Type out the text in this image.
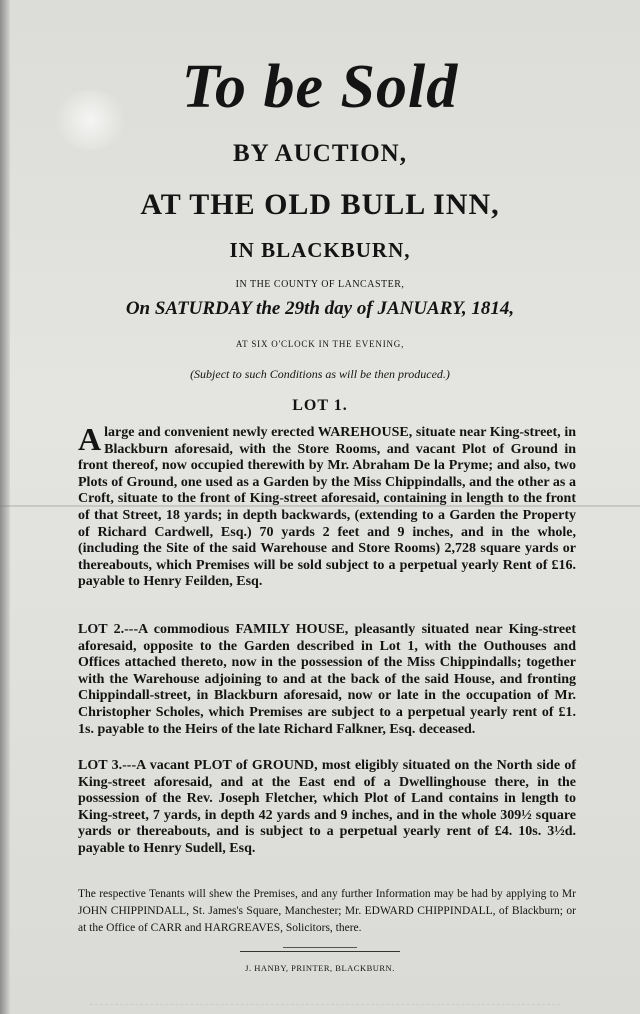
To be Sold
BY AUCTION,
AT THE OLD BULL INN,
IN BLACKBURN,
IN THE COUNTY OF LANCASTER,
On SATURDAY the 29th day of JANUARY, 1814,
AT SIX O'CLOCK IN THE EVENING,
(Subject to such Conditions as will be then produced.)
LOT 1.
A large and convenient newly erected WAREHOUSE, situate near King-street, in Blackburn aforesaid, with the Store Rooms, and vacant Plot of Ground in front thereof, now occupied therewith by Mr. Abraham De la Pryme; and also, two Plots of Ground, one used as a Garden by the Miss Chippindalls, and the other as a Croft, situate to the front of King-street aforesaid, containing in length to the front of that Street, 18 yards; in depth backwards, (extending to a Garden the Property of Richard Cardwell, Esq.) 70 yards 2 feet and 9 inches, and in the whole, (including the Site of the said Warehouse and Store Rooms) 2,728 square yards or thereabouts, which Premises will be sold subject to a perpetual yearly Rent of £16. payable to Henry Feilden, Esq.
LOT 2.---A commodious FAMILY HOUSE, pleasantly situated near King-street aforesaid, opposite to the Garden described in Lot 1, with the Outhouses and Offices attached thereto, now in the possession of the Miss Chippindalls; together with the Warehouse adjoining to and at the back of the said House, and fronting Chippindall-street, in Blackburn aforesaid, now or late in the occupation of Mr. Christopher Scholes, which Premises are subject to a perpetual yearly rent of £1. 1s. payable to the Heirs of the late Richard Falkner, Esq. deceased.
LOT 3.---A vacant PLOT of GROUND, most eligibly situated on the North side of King-street aforesaid, and at the East end of a Dwellinghouse there, in the possession of the Rev. Joseph Fletcher, which Plot of Land contains in length to King-street, 7 yards, in depth 42 yards and 9 inches, and in the whole 309½ square yards or thereabouts, and is subject to a perpetual yearly rent of £4. 10s. 3½d. payable to Henry Sudell, Esq.
The respective Tenants will shew the Premises, and any further Information may be had by applying to Mr JOHN CHIPPINDALL, St. James's Square, Manchester; Mr. EDWARD CHIPPINDALL, of Blackburn; or at the Office of CARR and HARGREAVES, Solicitors, there.
J. HANBY, PRINTER, BLACKBURN.
